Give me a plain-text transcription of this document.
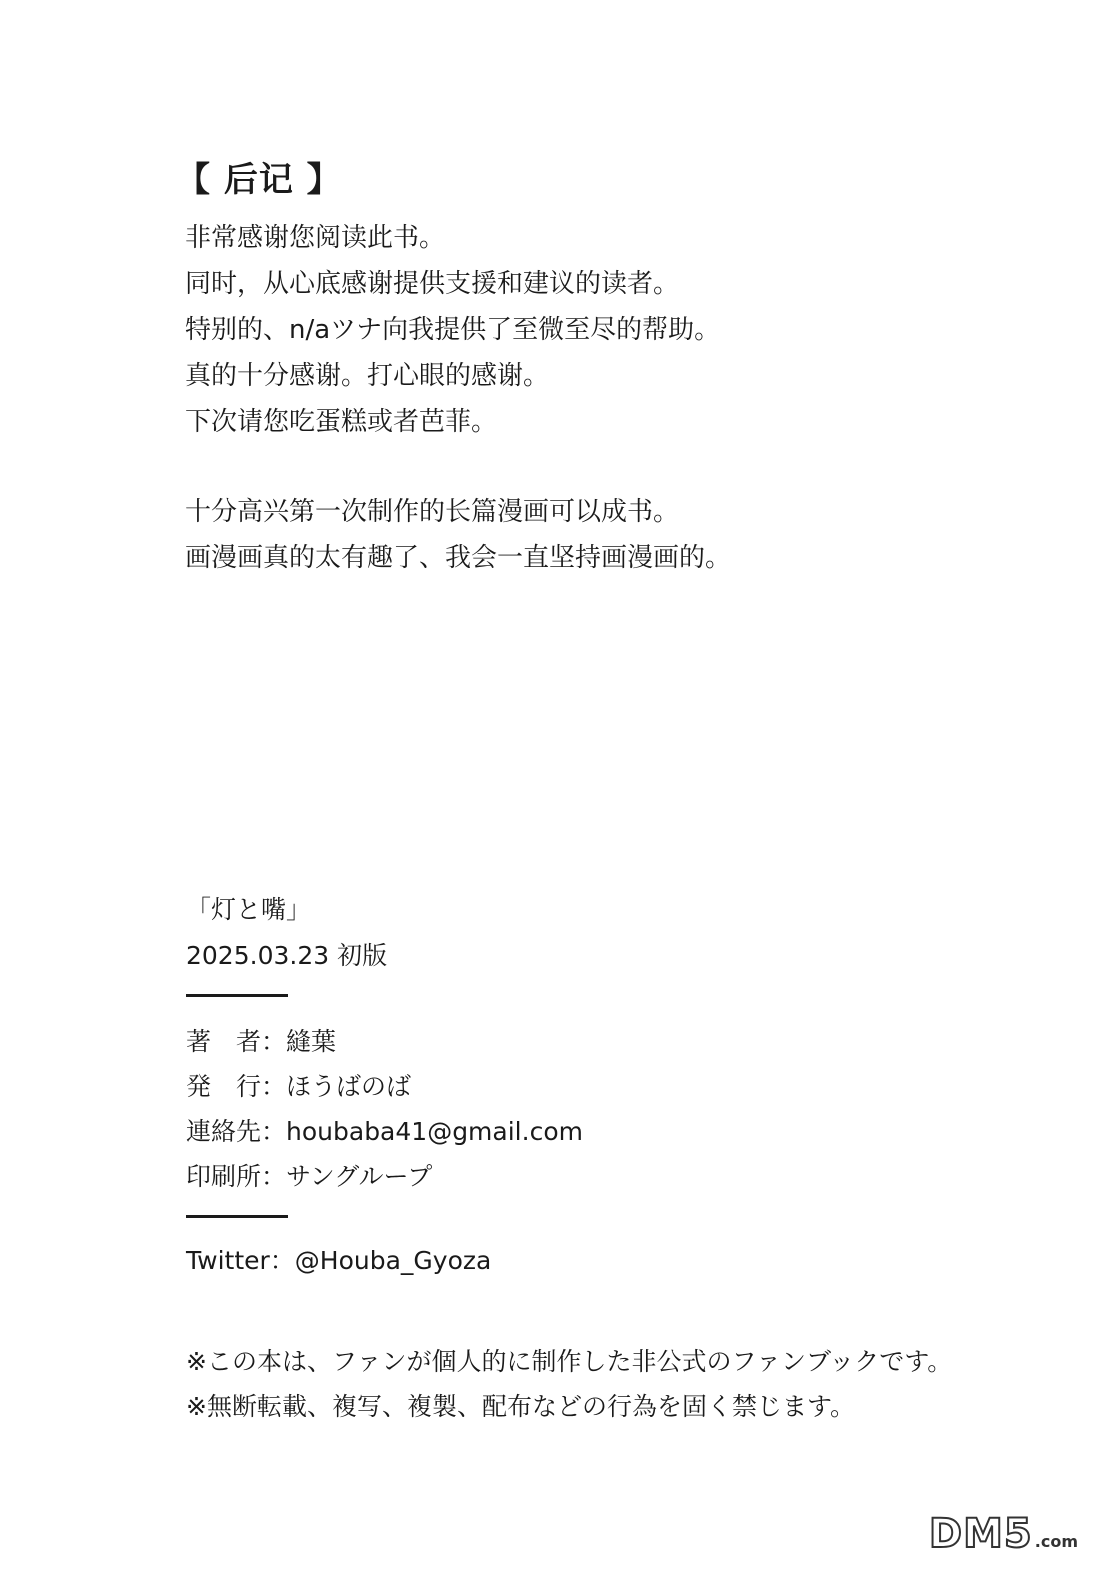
【 后记 】

非常感谢您阅读此书。

同时，从心底感谢提供支援和建议的读者。

特别的、n/aツナ向我提供了至微至尽的帮助。

真的十分感谢。打心眼的感谢。

下次请您吃蛋糕或者芭菲。

十分高兴第一次制作的长篇漫画可以成书。

画漫画真的太有趣了、我会一直坚持画漫画的。

「灯と嘴」
2025.03.23 初版
著　者：縫葉
発　行：ほうばのば
連絡先：houbaba41@gmail.com
印刷所：サングループ
Twitter：@Houba_Gyoza

※この本は、ファンが個人的に制作した非公式のファンブックです。

※無断転載、複写、複製、配布などの行為を固く禁じます。

DM5 .com
